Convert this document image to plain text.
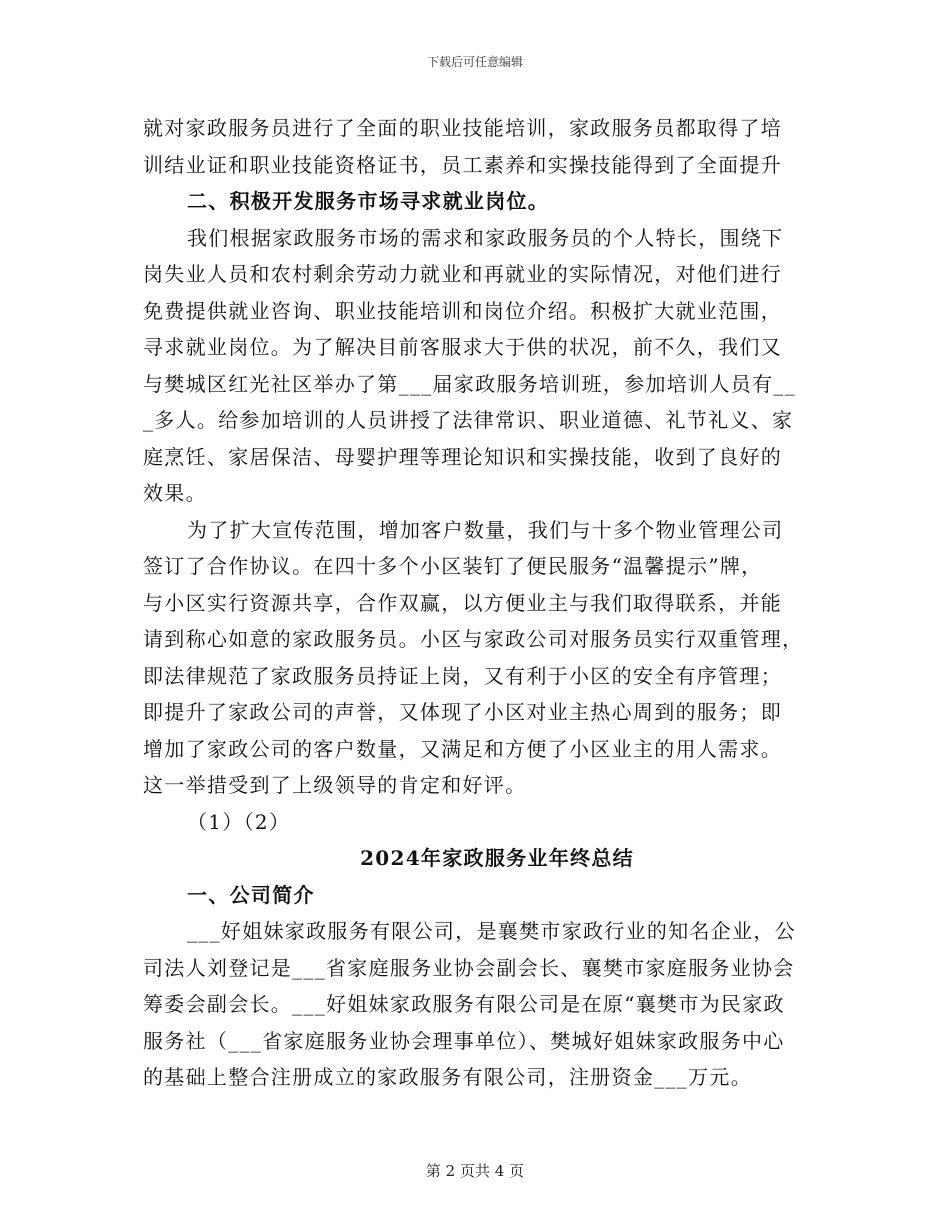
下载后可任意编辑
就对家政服务员进行了全面的职业技能培训，家政服务员都取得了培
训结业证和职业技能资格证书，员工素养和实操技能得到了全面提升
二、积极开发服务市场寻求就业岗位。
我们根据家政服务市场的需求和家政服务员的个人特长，围绕下
岗失业人员和农村剩余劳动力就业和再就业的实际情况，对他们进行
免费提供就业咨询、职业技能培训和岗位介绍。积极扩大就业范围，
寻求就业岗位。为了解决目前客服求大于供的状况，前不久，我们又
与樊城区红光社区举办了第___届家政服务培训班，参加培训人员有__
_多人。给参加培训的人员讲授了法律常识、职业道德、礼节礼义、家
庭烹饪、家居保洁、母婴护理等理论知识和实操技能，收到了良好的
效果。
为了扩大宣传范围，增加客户数量，我们与十多个物业管理公司
签订了合作协议。在四十多个小区装钉了便民服务“温馨提示”牌，
与小区实行资源共享，合作双赢，以方便业主与我们取得联系，并能
请到称心如意的家政服务员。小区与家政公司对服务员实行双重管理，
即法律规范了家政服务员持证上岗，又有利于小区的安全有序管理；
即提升了家政公司的声誉，又体现了小区对业主热心周到的服务；即
增加了家政公司的客户数量，又满足和方便了小区业主的用人需求。
这一举措受到了上级领导的肯定和好评。
（1）（2）
2024年家政服务业年终总结
一、公司简介
___好姐妹家政服务有限公司，是襄樊市家政行业的知名企业，公
司法人刘登记是___省家庭服务业协会副会长、襄樊市家庭服务业协会
筹委会副会长。___好姐妹家政服务有限公司是在原“襄樊市为民家政
服务社（___省家庭服务业协会理事单位）、樊城好姐妹家政服务中心
的基础上整合注册成立的家政服务有限公司，注册资金___万元。
第 2 页共 4 页
